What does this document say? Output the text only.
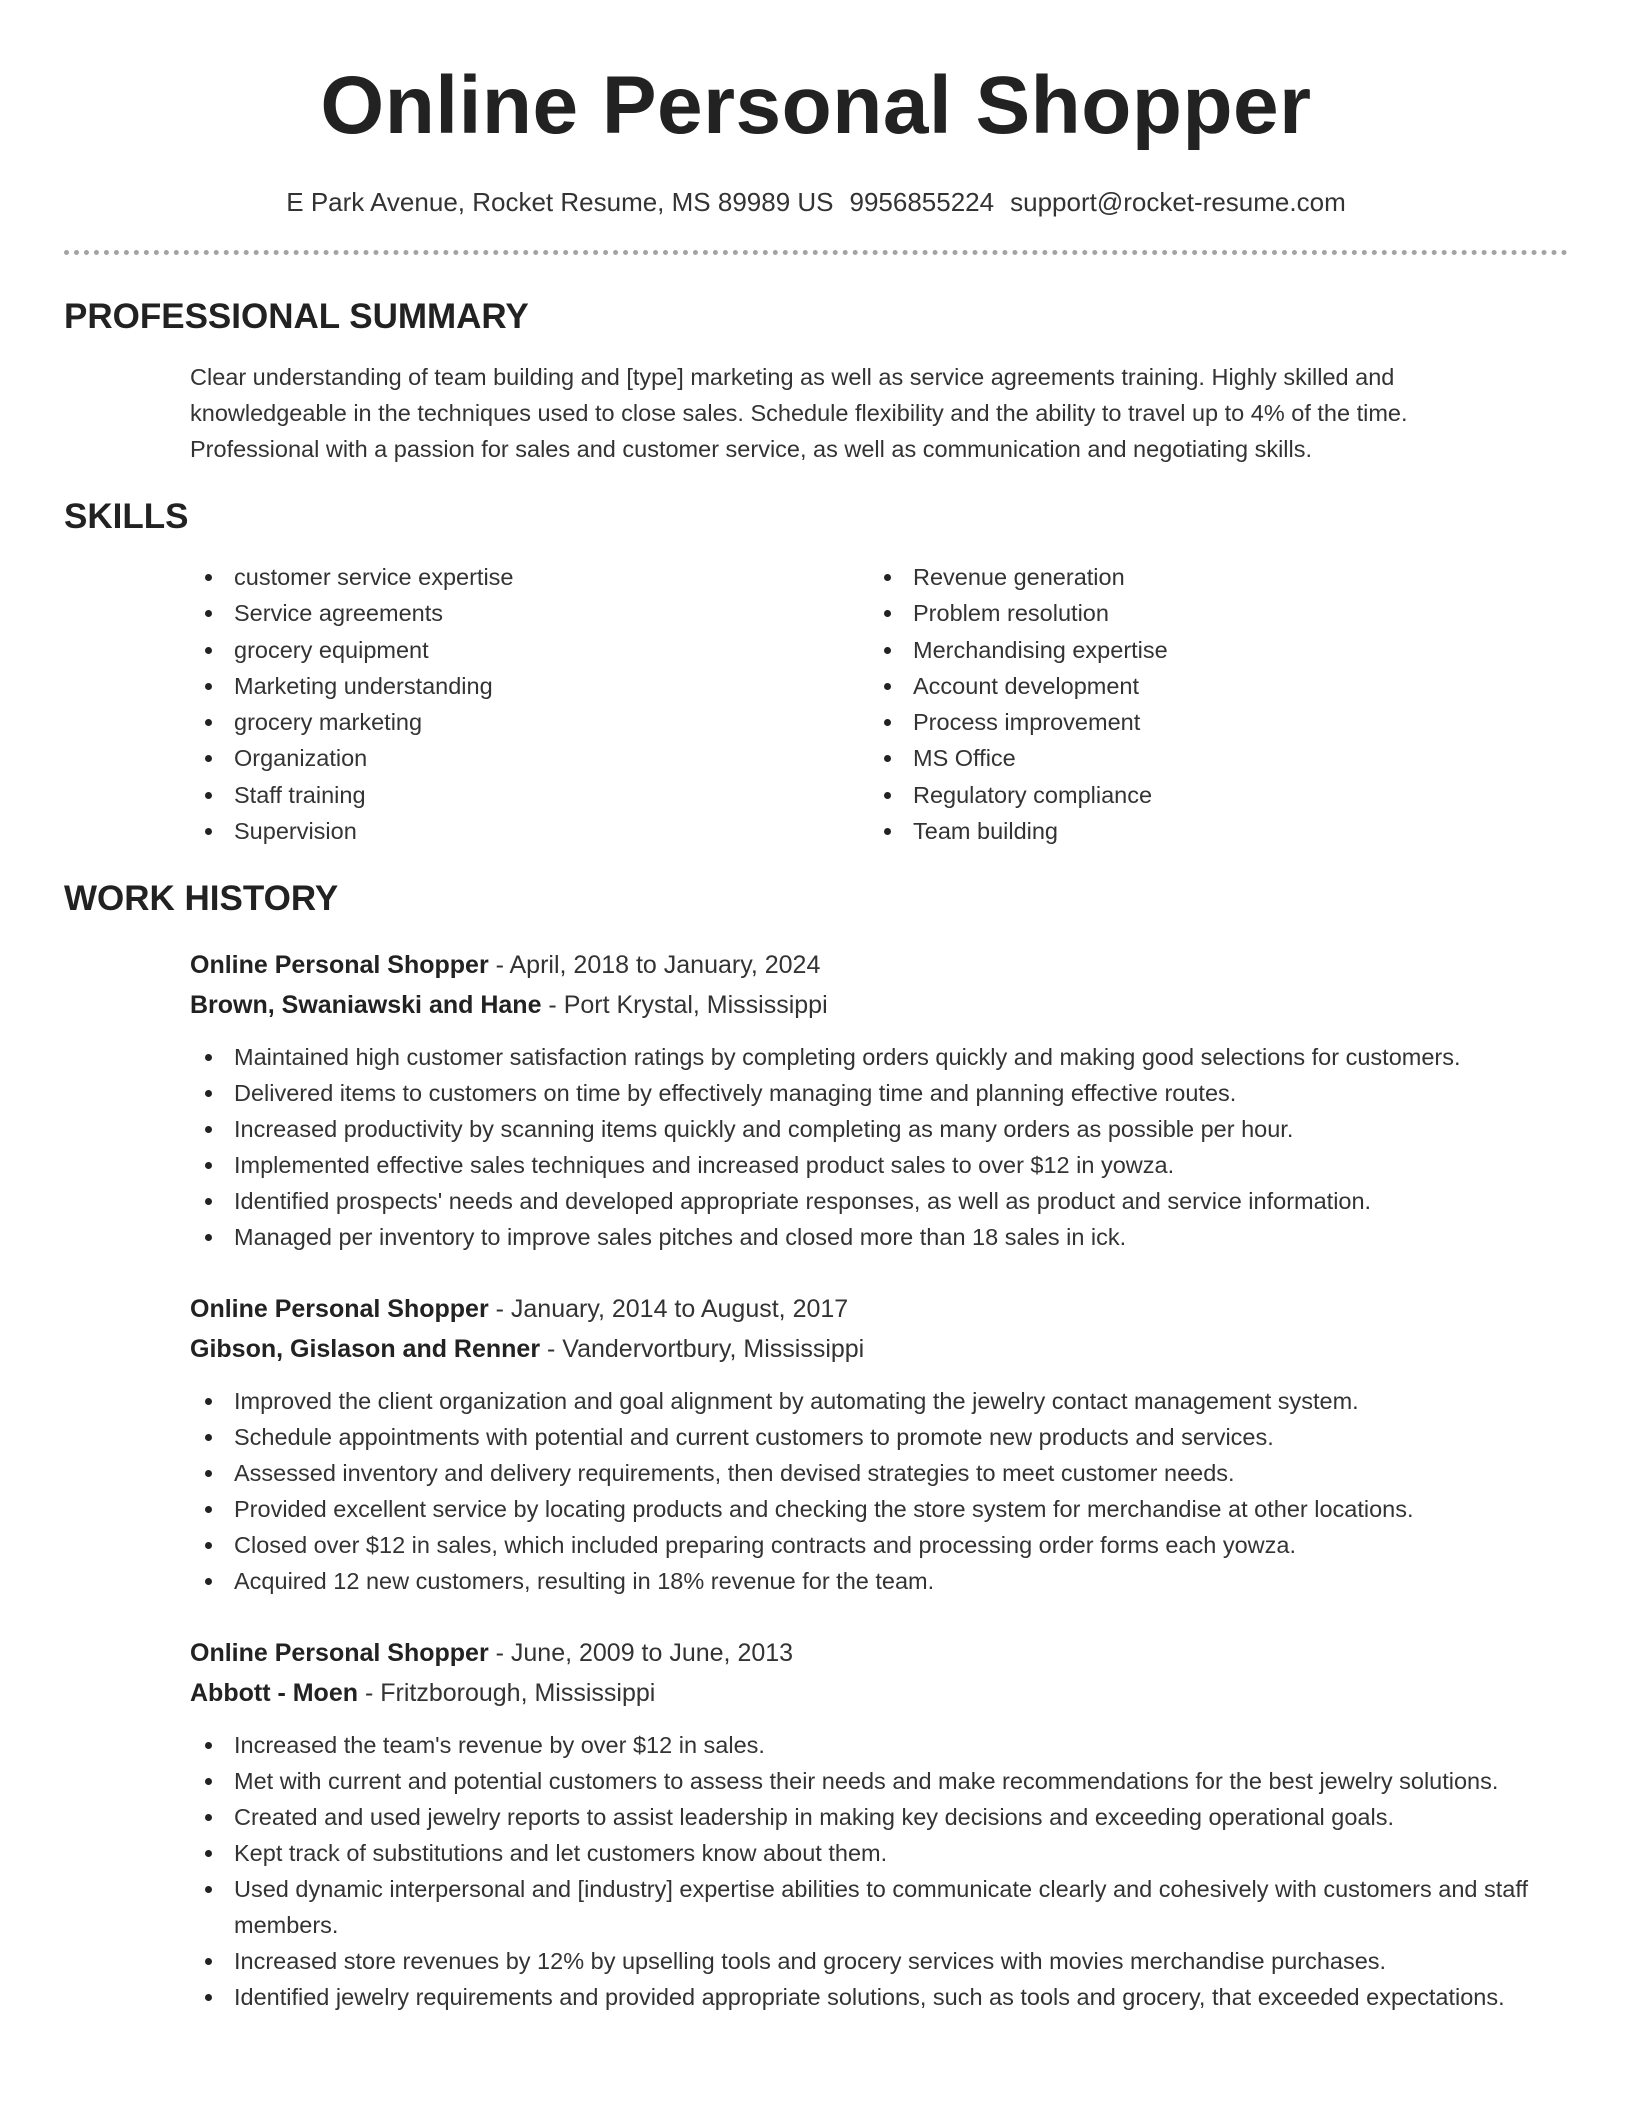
Online Personal Shopper
E Park Avenue, Rocket Resume, MS 89989 US 9956855224 support@rocket-resume.com
PROFESSIONAL SUMMARY
Clear understanding of team building and [type] marketing as well as service agreements training. Highly skilled and
knowledgeable in the techniques used to close sales. Schedule flexibility and the ability to travel up to 4% of the time.
Professional with a passion for sales and customer service, as well as communication and negotiating skills.
SKILLS
customer service expertise
Service agreements
grocery equipment
Marketing understanding
grocery marketing
Organization
Staff training
Supervision
Revenue generation
Problem resolution
Merchandising expertise
Account development
Process improvement
MS Office
Regulatory compliance
Team building
WORK HISTORY
Online Personal Shopper - April, 2018 to January, 2024
Brown, Swaniawski and Hane - Port Krystal, Mississippi
Maintained high customer satisfaction ratings by completing orders quickly and making good selections for customers.
Delivered items to customers on time by effectively managing time and planning effective routes.
Increased productivity by scanning items quickly and completing as many orders as possible per hour.
Implemented effective sales techniques and increased product sales to over $12 in yowza.
Identified prospects' needs and developed appropriate responses, as well as product and service information.
Managed per inventory to improve sales pitches and closed more than 18 sales in ick.
Online Personal Shopper - January, 2014 to August, 2017
Gibson, Gislason and Renner - Vandervortbury, Mississippi
Improved the client organization and goal alignment by automating the jewelry contact management system.
Schedule appointments with potential and current customers to promote new products and services.
Assessed inventory and delivery requirements, then devised strategies to meet customer needs.
Provided excellent service by locating products and checking the store system for merchandise at other locations.
Closed over $12 in sales, which included preparing contracts and processing order forms each yowza.
Acquired 12 new customers, resulting in 18% revenue for the team.
Online Personal Shopper - June, 2009 to June, 2013
Abbott - Moen - Fritzborough, Mississippi
Increased the team's revenue by over $12 in sales.
Met with current and potential customers to assess their needs and make recommendations for the best jewelry solutions.
Created and used jewelry reports to assist leadership in making key decisions and exceeding operational goals.
Kept track of substitutions and let customers know about them.
Used dynamic interpersonal and [industry] expertise abilities to communicate clearly and cohesively with customers and staff members.
Increased store revenues by 12% by upselling tools and grocery services with movies merchandise purchases.
Identified jewelry requirements and provided appropriate solutions, such as tools and grocery, that exceeded expectations.
